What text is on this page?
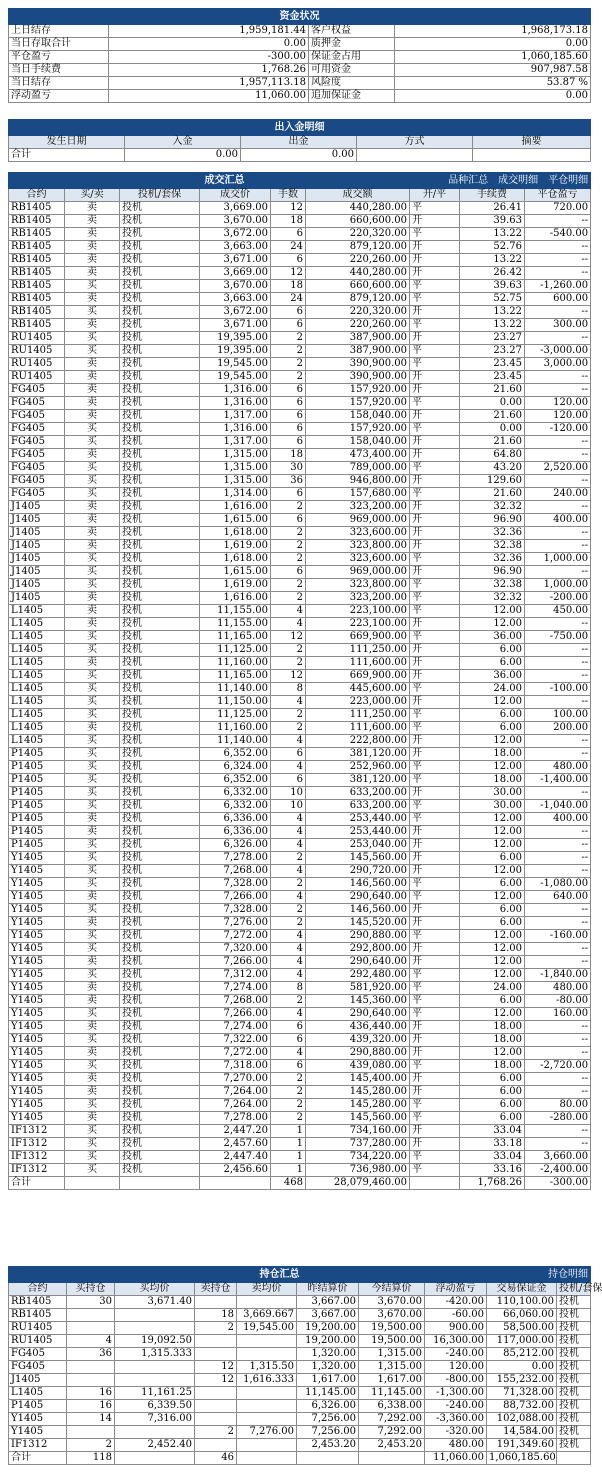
资金状况			
上日结存	1,959,181.44	客户权益	1,968,173.18
当日存取合计	0.00	质押金	0.00
平仓盈亏	-300.00	保证金占用	1,060,185.60
当日手续费	1,768.26	可用资金	907,987.58
当日结存	1,957,113.18	风险度	53.87 %
浮动盈亏	11,060.00	追加保证金	0.00
出入金明细				
发生日期	入金	出金	方式	摘要
合计	0.00	0.00		
成交汇总 品种汇总 成交明细 平仓明细								

合约	买/卖	投机/套保	成交价	手数	成交额	开/平	手续费	平仓盈亏
RB1405	卖	投机	3,669.00	12	440,280.00	平	26.41	720.00
RB1405	卖	投机	3,670.00	18	660,600.00	开	39.63	--
RB1405	卖	投机	3,672.00	6	220,320.00	平	13.22	-540.00
RB1405	卖	投机	3,663.00	24	879,120.00	开	52.76	--
RB1405	卖	投机	3,671.00	6	220,260.00	开	13.22	--
RB1405	卖	投机	3,669.00	12	440,280.00	开	26.42	--
RB1405	买	投机	3,670.00	18	660,600.00	平	39.63	-1,260.00
RB1405	卖	投机	3,663.00	24	879,120.00	平	52.75	600.00
RB1405	买	投机	3,672.00	6	220,320.00	开	13.22	--
RB1405	卖	投机	3,671.00	6	220,260.00	平	13.22	300.00
RU1405	买	投机	19,395.00	2	387,900.00	开	23.27	--
RU1405	买	投机	19,395.00	2	387,900.00	平	23.27	-3,000.00
RU1405	卖	投机	19,545.00	2	390,900.00	平	23.45	3,000.00
RU1405	卖	投机	19,545.00	2	390,900.00	开	23.45	--
FG405	卖	投机	1,316.00	6	157,920.00	开	21.60	--
FG405	卖	投机	1,316.00	6	157,920.00	平	0.00	120.00
FG405	卖	投机	1,317.00	6	158,040.00	开	21.60	120.00
FG405	买	投机	1,316.00	6	157,920.00	平	0.00	-120.00
FG405	买	投机	1,317.00	6	158,040.00	开	21.60	--
FG405	卖	投机	1,315.00	18	473,400.00	开	64.80	--
FG405	买	投机	1,315.00	30	789,000.00	平	43.20	2,520.00
FG405	买	投机	1,315.00	36	946,800.00	开	129.60	--
FG405	买	投机	1,314.00	6	157,680.00	平	21.60	240.00
J1405	卖	投机	1,616.00	2	323,200.00	开	32.32	--
J1405	卖	投机	1,615.00	6	969,000.00	开	96.90	400.00
J1405	卖	投机	1,618.00	2	323,600.00	开	32.36	--
J1405	卖	投机	1,619.00	2	323,800.00	开	32.38	--
J1405	买	投机	1,618.00	2	323,600.00	平	32.36	1,000.00
J1405	买	投机	1,615.00	6	969,000.00	开	96.90	--
J1405	买	投机	1,619.00	2	323,800.00	平	32.38	1,000.00
J1405	卖	投机	1,616.00	2	323,200.00	平	32.32	-200.00
L1405	卖	投机	11,155.00	4	223,100.00	平	12.00	450.00
L1405	卖	投机	11,155.00	4	223,100.00	开	12.00	--
L1405	买	投机	11,165.00	12	669,900.00	平	36.00	-750.00
L1405	买	投机	11,125.00	2	111,250.00	开	6.00	--
L1405	卖	投机	11,160.00	2	111,600.00	开	6.00	--
L1405	买	投机	11,165.00	12	669,900.00	开	36.00	--
L1405	买	投机	11,140.00	8	445,600.00	平	24.00	-100.00
L1405	买	投机	11,150.00	4	223,000.00	开	12.00	--
L1405	买	投机	11,125.00	2	111,250.00	平	6.00	100.00
L1405	卖	投机	11,160.00	2	111,600.00	平	6.00	200.00
L1405	买	投机	11,140.00	4	222,800.00	开	12.00	--
P1405	买	投机	6,352.00	6	381,120.00	开	18.00	--
P1405	买	投机	6,324.00	4	252,960.00	平	12.00	480.00
P1405	买	投机	6,352.00	6	381,120.00	平	18.00	-1,400.00
P1405	买	投机	6,332.00	10	633,200.00	开	30.00	--
P1405	买	投机	6,332.00	10	633,200.00	平	30.00	-1,040.00
P1405	卖	投机	6,336.00	4	253,440.00	平	12.00	400.00
P1405	卖	投机	6,336.00	4	253,440.00	开	12.00	--
P1405	买	投机	6,326.00	4	253,040.00	开	12.00	--
Y1405	买	投机	7,278.00	2	145,560.00	开	6.00	--
Y1405	买	投机	7,268.00	4	290,720.00	开	12.00	--
Y1405	买	投机	7,328.00	2	146,560.00	平	6.00	-1,080.00
Y1405	卖	投机	7,266.00	4	290,640.00	平	12.00	640.00
Y1405	买	投机	7,328.00	2	146,560.00	开	6.00	--
Y1405	卖	投机	7,276.00	2	145,520.00	开	6.00	--
Y1405	买	投机	7,272.00	4	290,880.00	平	12.00	-160.00
Y1405	买	投机	7,320.00	4	292,800.00	开	12.00	--
Y1405	卖	投机	7,266.00	4	290,640.00	开	12.00	--
Y1405	买	投机	7,312.00	4	292,480.00	平	12.00	-1,840.00
Y1405	卖	投机	7,274.00	8	581,920.00	平	24.00	480.00
Y1405	卖	投机	7,268.00	2	145,360.00	平	6.00	-80.00
Y1405	买	投机	7,266.00	4	290,640.00	平	12.00	160.00
Y1405	卖	投机	7,274.00	6	436,440.00	开	18.00	--
Y1405	买	投机	7,322.00	6	439,320.00	开	18.00	--
Y1405	卖	投机	7,272.00	4	290,880.00	开	12.00	--
Y1405	买	投机	7,318.00	6	439,080.00	平	18.00	-2,720.00
Y1405	卖	投机	7,270.00	2	145,400.00	开	6.00	--
Y1405	卖	投机	7,264.00	2	145,280.00	开	6.00	--
Y1405	买	投机	7,264.00	2	145,280.00	平	6.00	80.00
Y1405	卖	投机	7,278.00	2	145,560.00	平	6.00	-280.00
IF1312	买	投机	2,447.20	1	734,160.00	开	33.04	--
IF1312	买	投机	2,457.60	1	737,280.00	开	33.18	--
IF1312	买	投机	2,447.40	1	734,220.00	平	33.04	3,660.00
IF1312	买	投机	2,456.60	1	736,980.00	平	33.16	-2,400.00
合计				468	28,079,460.00		1,768.26	-300.00
持仓汇总 持仓明细									

合约	买持仓	买均价	卖持仓	卖均价	昨结算价	今结算价	浮动盈亏	交易保证金	投机/套保
RB1405	30	3,671.40			3,667.00	3,670.00	-420.00	110,100.00	投机
RB1405			18	3,669.667	3,667.00	3,670.00	-60.00	66,060.00	投机
RU1405			2	19,545.00	19,200.00	19,500.00	900.00	58,500.00	投机
RU1405	4	19,092.50			19,200.00	19,500.00	16,300.00	117,000.00	投机
FG405	36	1,315.333			1,320.00	1,315.00	-240.00	85,212.00	投机
FG405			12	1,315.50	1,320.00	1,315.00	120.00	0.00	投机
J1405			12	1,616.333	1,617.00	1,617.00	-800.00	155,232.00	投机
L1405	16	11,161.25			11,145.00	11,145.00	-1,300.00	71,328.00	投机
P1405	16	6,339.50			6,326.00	6,338.00	-240.00	88,732.00	投机
Y1405	14	7,316.00			7,256.00	7,292.00	-3,360.00	102,088.00	投机
Y1405			2	7,276.00	7,256.00	7,292.00	-320.00	14,584.00	投机
IF1312	2	2,452.40			2,453.20	2,453.20	480.00	191,349.60	投机
合计	118		46				11,060.00	1,060,185.60	
